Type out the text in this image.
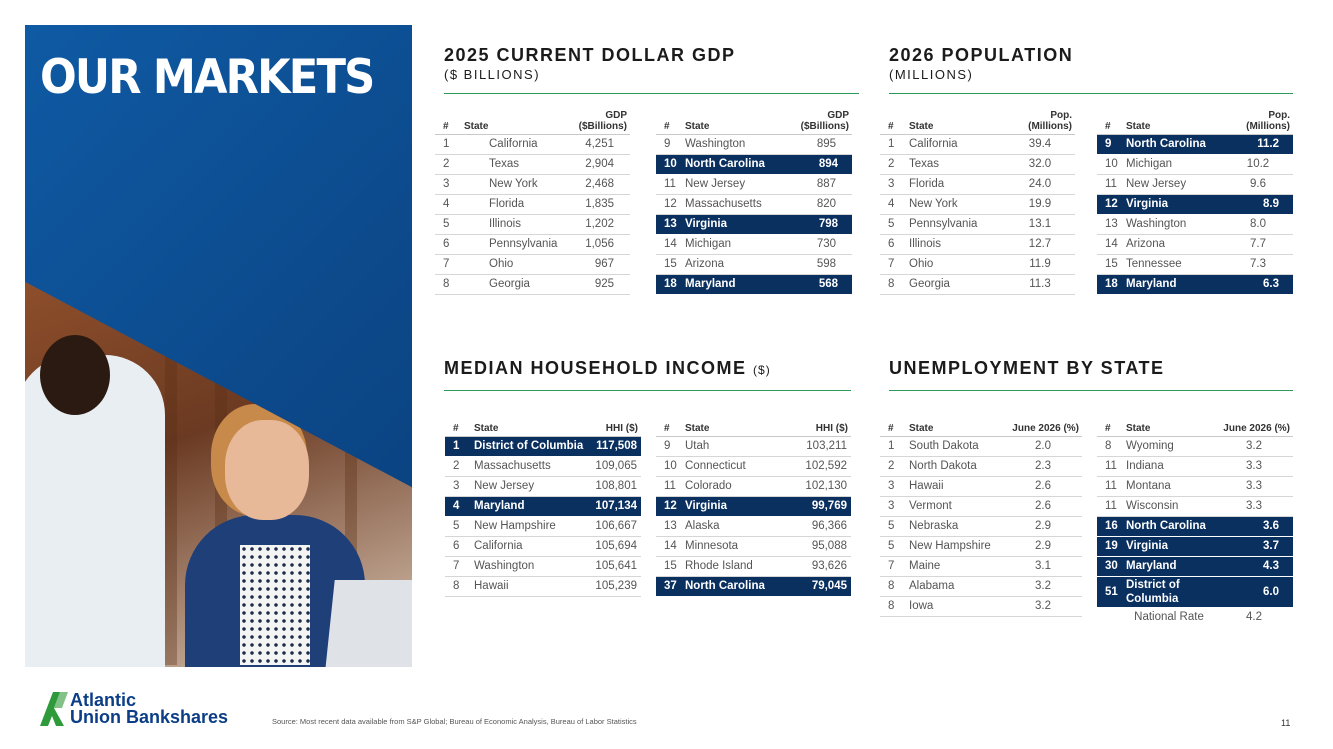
OUR MARKETS	2025 CURRENT DOLLAR GDP
($ BILLIONS)
#	State	GDP
($Billions)
1	California	4,251
2	Texas	2,904
3	New York	2,468
4	Florida	1,835
5	Illinois	1,202
6	Pennsylvania	1,056
7	Ohio	967
8	Georgia	925
#	State	GDP
($Billions)
9	Washington	895
10	North Carolina	894
11	New Jersey	887
12	Massachusetts	820
13	Virginia	798
14	Michigan	730
15	Arizona	598
18	Maryland	568
2026 POPULATION
(MILLIONS)
#	State	Pop.
(Millions)
1	California	39.4
2	Texas	32.0
3	Florida	24.0
4	New York	19.9
5	Pennsylvania	13.1
6	Illinois	12.7
7	Ohio	11.9
8	Georgia	11.3
#	State	Pop.
(Millions)
9	North Carolina	11.2
10	Michigan	10.2
11	New Jersey	9.6
12	Virginia	8.9
13	Washington	8.0
14	Arizona	7.7
15	Tennessee	7.3
18	Maryland	6.3
MEDIAN HOUSEHOLD INCOME ($)
#	State	HHI ($)
1	District of Columbia	117,508
2	Massachusetts	109,065
3	New Jersey	108,801
4	Maryland	107,134
5	New Hampshire	106,667
6	California	105,694
7	Washington	105,641
8	Hawaii	105,239
#	State	HHI ($)
9	Utah	103,211
10	Connecticut	102,592
11	Colorado	102,130
12	Virginia	99,769
13	Alaska	96,366
14	Minnesota	95,088
15	Rhode Island	93,626
37	North Carolina	79,045
UNEMPLOYMENT BY STATE
#	State	June 2026 (%)
1	South Dakota	2.0
2	North Dakota	2.3
3	Hawaii	2.6
3	Vermont	2.6
5	Nebraska	2.9
5	New Hampshire	2.9
7	Maine	3.1
8	Alabama	3.2
8	Iowa	3.2
#	State	June 2026 (%)
8	Wyoming	3.2
11	Indiana	3.3
11	Montana	3.3
11	Wisconsin	3.3
16	North Carolina	3.6
19	Virginia	3.7
30	Maryland	4.3
51	District of Columbia	6.0
	National Rate	4.2
Atlantic
Union Bankshares	Source: Most recent data available from S&P Global; Bureau of Economic Analysis, Bureau of Labor Statistics	11
